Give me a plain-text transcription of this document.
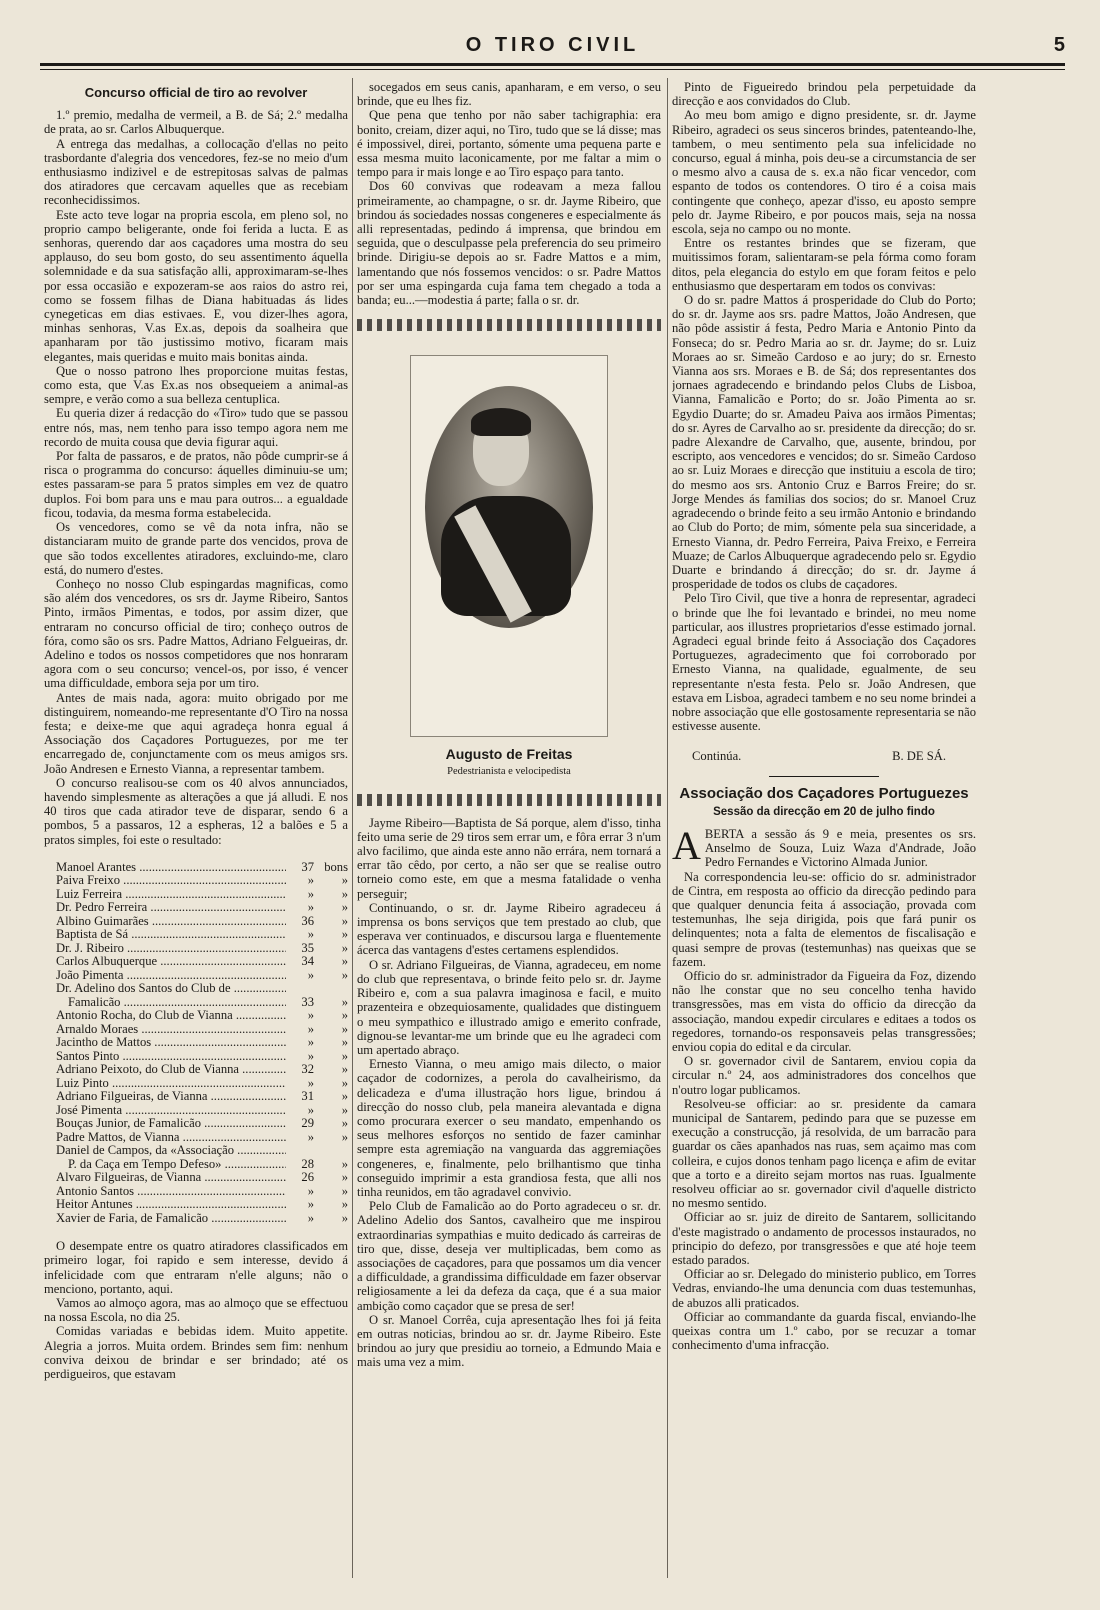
O TIRO CIVIL	5
Concurso official de tiro ao revolver

1.º premio, medalha de vermeil, a B. de Sá; 2.º medalha de prata, ao sr. Carlos Albuquerque.

A entrega das medalhas, a collocação d'ellas no peito trasbordante d'alegria dos vencedores, fez-se no meio d'um enthusiasmo indizivel e de estrepitosas salvas de palmas dos atiradores que cercavam aquelles que as recebiam reconhecidissimos.

Este acto teve logar na propria escola, em pleno sol, no proprio campo beligerante, onde foi ferida a lucta. E as senhoras, querendo dar aos caçadores uma mostra do seu applauso, do seu bom gosto, do seu assentimento áquella solemnidade e da sua satisfação alli, approximaram-se-lhes por essa occasião e expozeram-se aos raios do astro rei, como se fossem filhas de Diana habituadas ás lides cynegeticas em dias estivaes. E, vou dizer-lhes agora, minhas senhoras, V.as Ex.as, depois da soalheira que apanharam por tão justissimo motivo, ficaram mais elegantes, mais queridas e muito mais bonitas ainda.

Que o nosso patrono lhes proporcione muitas festas, como esta, que V.as Ex.as nos obsequeiem a animal-as sempre, e verão como a sua belleza centuplica.

Eu queria dizer á redacção do «Tiro» tudo que se passou entre nós, mas, nem tenho para isso tempo agora nem me recordo de muita cousa que devia figurar aqui.

Por falta de passaros, e de pratos, não pôde cumprir-se á risca o programma do concurso: áquelles diminuiu-se um; estes passaram-se para 5 pratos simples em vez de quatro duplos. Foi bom para uns e mau para outros... a egualdade ficou, todavia, da mesma forma estabelecida.

Os vencedores, como se vê da nota infra, não se distanciaram muito de grande parte dos vencidos, prova de que são todos excellentes atiradores, excluindo-me, claro está, do numero d'estes.

Conheço no nosso Club espingardas magnificas, como são além dos vencedores, os srs dr. Jayme Ribeiro, Santos Pinto, irmãos Pimentas, e todos, por assim dizer, que entraram no concurso official de tiro; conheço outros de fóra, como são os srs. Padre Mattos, Adriano Felgueiras, dr. Adelino e todos os nossos competidores que nos honraram agora com o seu concurso; vencel-os, por isso, é vencer uma difficuldade, embora seja por um tiro.

Antes de mais nada, agora: muito obrigado por me distinguirem, nomeando-me representante d'O Tiro na nossa festa; e deixe-me que aqui agradeça honra egual á Associação dos Caçadores Portuguezes, por me ter encarregado de, conjunctamente com os meus amigos srs. João Andresen e Ernesto Vianna, a representar tambem.

O concurso realisou-se com os 40 alvos annunciados, havendo simplesmente as alterações a que já alludi. E nos 40 tiros que cada atirador teve de disparar, sendo 6 a pombos, 5 a passaros, 12 a espheras, 12 a balões e 5 a pratos simples, foi este o resultado:

Manoel Arantes .....	37 bons
Paiva Freixo .....	»	»
Luiz Ferreira .....	»	»
Dr. Pedro Ferreira .....	»	»
Albino Guimarães .....	36	»
Baptista de Sá .....	»	»
Dr. J. Ribeiro .....	35	»
Carlos Albuquerque .....	34	»
João Pimenta .....	»	»
Dr. Adelino dos Santos do Club de .....
Famalicão .....	33	»
Antonio Rocha, do Club de Vianna .....	»	»
Arnaldo Moraes .....	»	»
Jacintho de Mattos .....	»	»
Santos Pinto .....	»	»
Adriano Peixoto, do Club de Vianna .....	32	»
Luiz Pinto .....	»	»
Adriano Filgueiras, de Vianna .....	31	»
José Pimenta .....	»	»
Bouças Junior, de Famalicão .....	29	»
Padre Mattos, de Vianna .....	»	»
Daniel de Campos, da «Associação .....
P. da Caça em Tempo Defeso» .....	28	»
Alvaro Filgueiras, de Vianna .....	26	»
Antonio Santos .....	»	»
Heitor Antunes .....	»	»
Xavier de Faria, de Famalicão .....	»	»

O desempate entre os quatro atiradores classificados em primeiro logar, foi rapido e sem interesse, devido á infelicidade com que entraram n'elle alguns; não o menciono, portanto, aqui.

Vamos ao almoço agora, mas ao almoço que se effectuou na nossa Escola, no dia 25.

Comidas variadas e bebidas idem. Muito appetite. Alegria a jorros. Muita ordem. Brindes sem fim: nenhum conviva deixou de brindar e ser brindado; até os perdigueiros, que estavam

socegados em seus canis, apanharam, e em verso, o seu brinde, que eu lhes fiz.

Que pena que tenho por não saber tachigraphia: era bonito, creiam, dizer aqui, no Tiro, tudo que se lá disse; mas é impossivel, direi, portanto, sómente uma pequena parte e essa mesma muito laconicamente, por me faltar a mim o tempo para ir mais longe e ao Tiro espaço para tanto.

Dos 60 convivas que rodeavam a meza fallou primeiramente, ao champagne, o sr. dr. Jayme Ribeiro, que brindou ás sociedades nossas congeneres e especialmente ás alli representadas, pedindo á imprensa, que brindou em seguida, que o desculpasse pela preferencia do seu primeiro brinde. Dirigiu-se depois ao sr. Fadre Mattos e a mim, lamentando que nós fossemos vencidos: o sr. Padre Mattos por ser uma espingarda cuja fama tem chegado a toda a banda; eu...—modestia á parte; falla o sr. dr.

Augusto de Freitas
Pedestrianista e velocipedista

Jayme Ribeiro—Baptista de Sá porque, alem d'isso, tinha feito uma serie de 29 tiros sem errar um, e fôra errar 3 n'um alvo facilimo, que ainda este anno não errára, nem tornará a errar tão cêdo, por certo, a não ser que se realise outro torneio como este, em que a mesma fatalidade o venha perseguir;

Continuando, o sr. dr. Jayme Ribeiro agradeceu á imprensa os bons serviços que tem prestado ao club, que esperava ver continuados, e discursou larga e fluentemente ácerca das vantagens d'estes certamens esplendidos.

O sr. Adriano Filgueiras, de Vianna, agradeceu, em nome do club que representava, o brinde feito pelo sr. dr. Jayme Ribeiro e, com a sua palavra imaginosa e facil, e muito prazenteira e obzequiosamente, qualidades que distinguem o meu sympathico e illustrado amigo e emerito confrade, dignou-se levantar-me um brinde que eu lhe agradeci com um apertado abraço.

Ernesto Vianna, o meu amigo mais dilecto, o maior caçador de codornizes, a perola do cavalheirismo, da delicadeza e d'uma illustração hors ligue, brindou á direcção do nosso club, pela maneira alevantada e digna como procurara exercer o seu mandato, empenhando os seus melhores esforços no sentido de fazer caminhar sempre esta agremiação na vanguarda das aggremiações congeneres, e, finalmente, pelo brilhantismo que tinha conseguido imprimir a esta grandiosa festa, que alli nos tinha reunidos, em tão agradavel convivio.

Pelo Club de Famalicão ao do Porto agradeceu o sr. dr. Adelino Adelio dos Santos, cavalheiro que me inspirou extraordinarias sympathias e muito dedicado ás carreiras de tiro que, disse, deseja ver multiplicadas, bem como as associações de caçadores, para que possamos um dia vencer a difficuldade, a grandissima difficuldade em fazer observar religiosamente a lei da defeza da caça, que é a sua maior ambição como caçador que se presa de ser!

O sr. Manoel Corrêa, cuja apresentação lhes foi já feita em outras noticias, brindou ao sr. dr. Jayme Ribeiro. Este brindou ao jury que presidiu ao torneio, a Edmundo Maia e mais uma vez a mim.

Pinto de Figueiredo brindou pela perpetuidade da direcção e aos convidados do Club.

Ao meu bom amigo e digno presidente, sr. dr. Jayme Ribeiro, agradeci os seus sinceros brindes, patenteando-lhe, tambem, o meu sentimento pela sua infelicidade no concurso, egual á minha, pois deu-se a circumstancia de ser o mesmo alvo a causa de s. ex.a não ficar vencedor, com espanto de todos os contendores. O tiro é a coisa mais contingente que conheço, apezar d'isso, eu aposto sempre pelo dr. Jayme Ribeiro, e por poucos mais, seja na nossa escola, seja no campo ou no monte.

Entre os restantes brindes que se fizeram, que muitissimos foram, salientaram-se pela fórma como foram ditos, pela elegancia do estylo em que foram feitos e pelo enthusiasmo que despertaram em todos os convivas:

O do sr. padre Mattos á prosperidade do Club do Porto; do sr. dr. Jayme aos srs. padre Mattos, João Andresen, que não pôde assistir á festa, Pedro Maria e Antonio Pinto da Fonseca; do sr. Pedro Maria ao sr. dr. Jayme; do sr. Luiz Moraes ao sr. Simeão Cardoso e ao jury; do sr. Ernesto Vianna aos srs. Moraes e B. de Sá; dos representantes dos jornaes agradecendo e brindando pelos Clubs de Lisboa, Vianna, Famalicão e Porto; do sr. João Pimenta ao sr. Egydio Duarte; do sr. Amadeu Paiva aos irmãos Pimentas; do sr. Ayres de Carvalho ao sr. presidente da direcção; do sr. padre Alexandre de Carvalho, que, ausente, brindou, por escripto, aos vencedores e vencidos; do sr. Simeão Cardoso ao sr. Luiz Moraes e direcção que instituiu a escola de tiro; do mesmo aos srs. Antonio Cruz e Barros Freire; do sr. Jorge Mendes ás familias dos socios; do sr. Manoel Cruz agradecendo o brinde feito a seu irmão Antonio e brindando ao Club do Porto; de mim, sómente pela sua sinceridade, a Ernesto Vianna, dr. Pedro Ferreira, Paiva Freixo, e Ferreira Muaze; de Carlos Albuquerque agradecendo pelo sr. Egydio Duarte e brindando á direcção; do sr. dr. Jayme á prosperidade de todos os clubs de caçadores.

Pelo Tiro Civil, que tive a honra de representar, agradeci o brinde que lhe foi levantado e brindei, no meu nome particular, aos illustres proprietarios d'esse estimado jornal. Agradeci egual brinde feito á Associação dos Caçadores Portuguezes, agradecimento que foi corroborado por Ernesto Vianna, na qualidade, egualmente, de seu representante n'esta festa. Pelo sr. João Andresen, que estava em Lisboa, agradeci tambem e no seu nome brindei a nobre associação que elle gostosamente representaria se não estivesse ausente.

Continúa.	B. DE SÁ.
Associação dos Caçadores Portuguezes
Sessão da direcção em 20 de julho findo

ABERTA a sessão ás 9 e meia, presentes os srs. Anselmo de Souza, Luiz Waza d'Andrade, João Pedro Fernandes e Victorino Almada Junior.

Na correspondencia leu-se: officio do sr. administrador de Cintra, em resposta ao officio da direcção pedindo para que qualquer denuncia feita á associação, provada com testemunhas, lhe seja dirigida, pois que fará punir os delinquentes; nota a falta de elementos de fiscalisação e quasi sempre de provas (testemunhas) nas queixas que se fazem.

Officio do sr. administrador da Figueira da Foz, dizendo não lhe constar que no seu concelho tenha havido transgressões, mas em vista do officio da direcção da associação, mandou expedir circulares e editaes a todos os regedores, tornando-os responsaveis pelas transgressões; enviou copia do edital e da circular.

O sr. governador civil de Santarem, enviou copia da circular n.º 24, aos administradores dos concelhos que n'outro logar publicamos.

Resolveu-se officiar: ao sr. presidente da camara municipal de Santarem, pedindo para que se puzesse em execução a construcção, já resolvida, de um barracão para guardar os cães apanhados nas ruas, sem açaimo mas com colleira, e cujos donos tenham pago licença e afim de evitar que a torto e a direito sejam mortos nas ruas. Igualmente resolveu officiar ao sr. governador civil d'aquelle districto no mesmo sentido.

Officiar ao sr. juiz de direito de Santarem, sollicitando d'este magistrado o andamento de processos instaurados, no principio do defezo, por transgressões e que até hoje teem estado parados.

Officiar ao sr. Delegado do ministerio publico, em Torres Vedras, enviando-lhe uma denuncia com duas testemunhas, de abuzos alli praticados.

Officiar ao commandante da guarda fiscal, enviando-lhe queixas contra um 1.º cabo, por se recuzar a tomar conhecimento d'uma infracção.
